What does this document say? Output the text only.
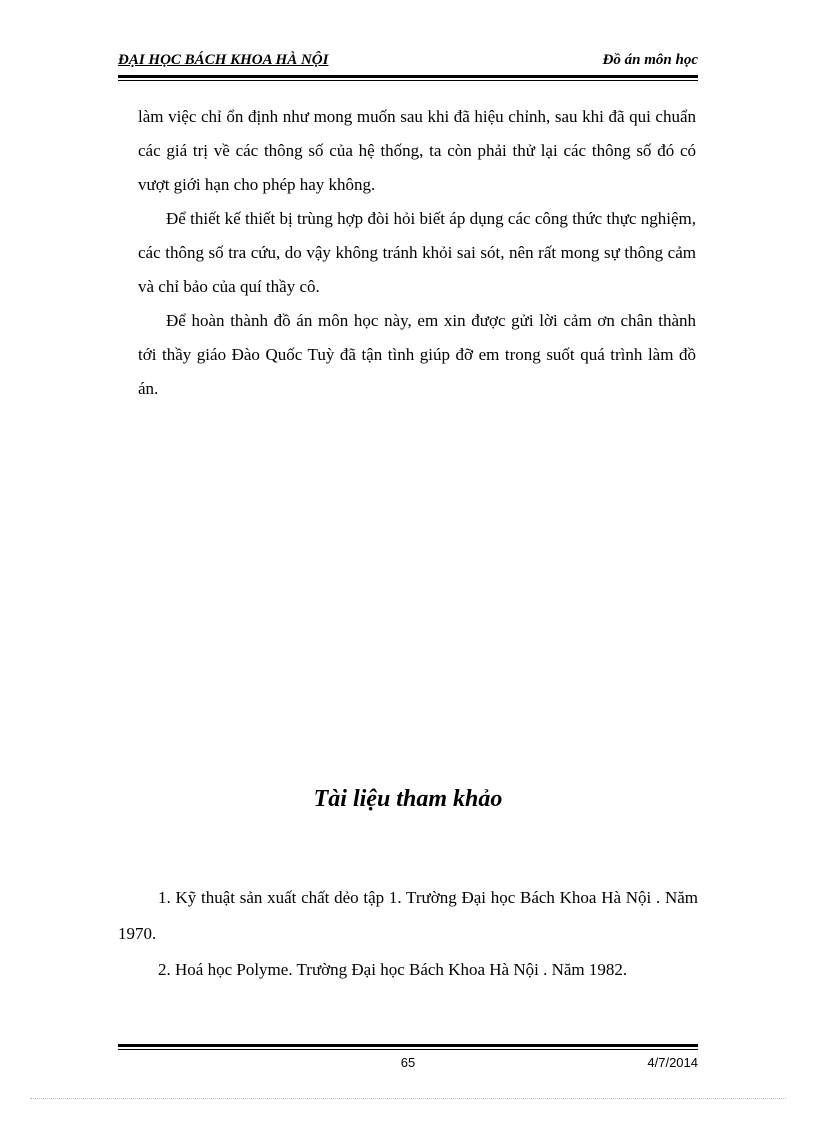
ĐẠI HỌC BÁCH KHOA HÀ NỘI	Đồ án môn học

làm việc chỉ ổn định như mong muốn sau khi đã hiệu chỉnh, sau khi đã qui chuẩn các giá trị về các thông số của hệ thống, ta còn phải thử lại các thông số đó có vượt giới hạn cho phép hay không.

Để thiết kế thiết bị trùng hợp đòi hỏi biết áp dụng các công thức thực nghiệm, các thông số tra cứu, do vậy không tránh khỏi sai sót, nên rất mong sự thông cảm và chỉ bảo của quí thầy cô.

Để hoàn thành đồ án môn học này, em xin được gửi lời cảm ơn chân thành tới thầy giáo Đào Quốc Tuỳ đã tận tình giúp đỡ em trong suốt quá trình làm đồ án.

Tài liệu tham khảo

1. Kỹ thuật sản xuất chất dẻo tập 1. Trường Đại học Bách Khoa Hà Nội . Năm 1970.

2. Hoá học Polyme. Trường Đại học Bách Khoa Hà Nội . Năm 1982.

65	4/7/2014
